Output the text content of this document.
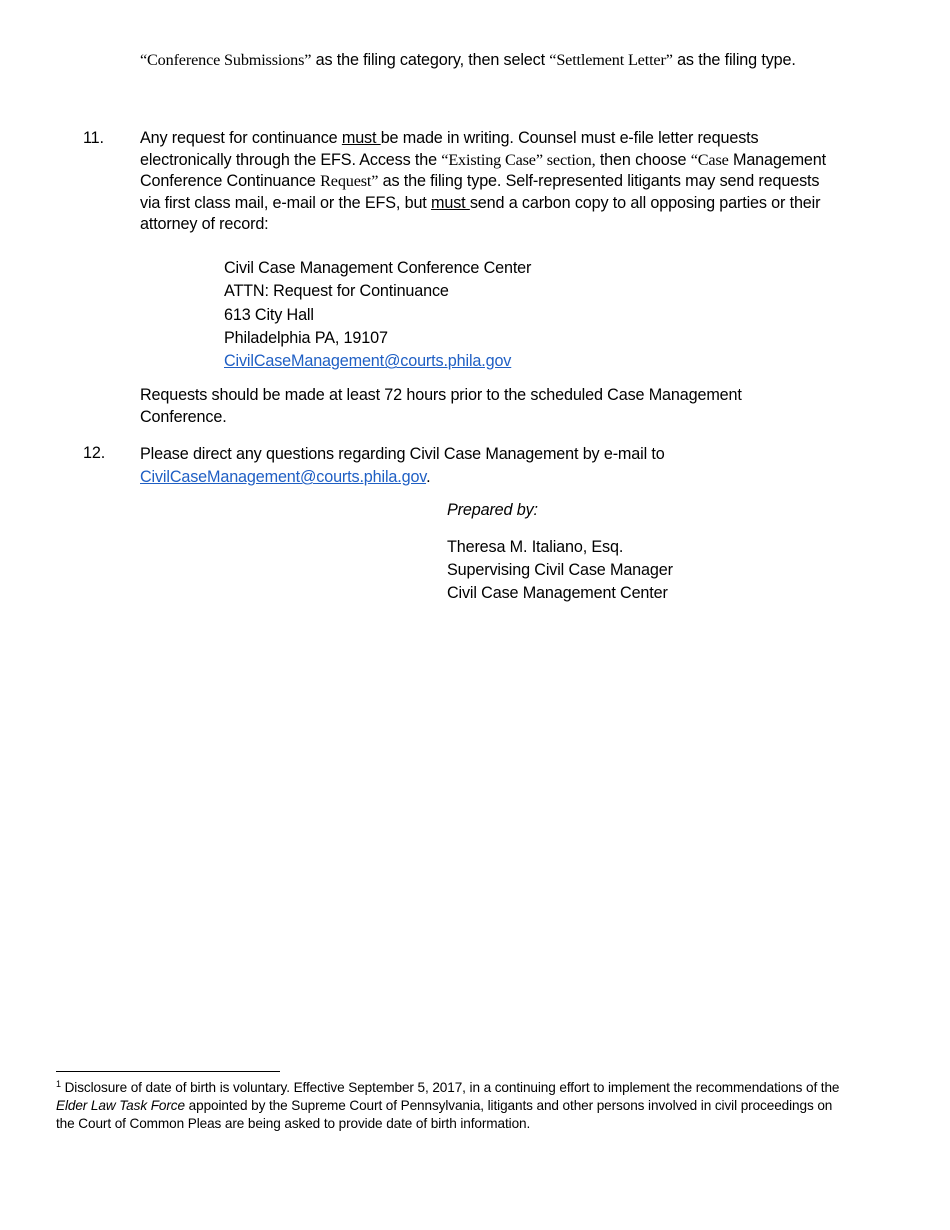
“Conference Submissions” as the filing category, then select “Settlement Letter” as the filing type.
11. Any request for continuance must be made in writing. Counsel must e-file letter requests electronically through the EFS. Access the “Existing Case” section, then choose “Case Management Conference Continuance Request” as the filing type. Self-represented litigants may send requests via first class mail, e-mail or the EFS, but must send a carbon copy to all opposing parties or their attorney of record:
Civil Case Management Conference Center
ATTN: Request for Continuance
613 City Hall
Philadelphia PA, 19107
CivilCaseManagement@courts.phila.gov
Requests should be made at least 72 hours prior to the scheduled Case Management Conference.
12. Please direct any questions regarding Civil Case Management by e-mail to
CivilCaseManagement@courts.phila.gov.
Prepared by:
Theresa M. Italiano, Esq.
Supervising Civil Case Manager
Civil Case Management Center
$^1$ Disclosure of date of birth is voluntary. Effective September 5, 2017, in a continuing effort to implement the recommendations of the Elder Law Task Force appointed by the Supreme Court of Pennsylvania, litigants and other persons involved in civil proceedings on the Court of Common Pleas are being asked to provide date of birth information.
